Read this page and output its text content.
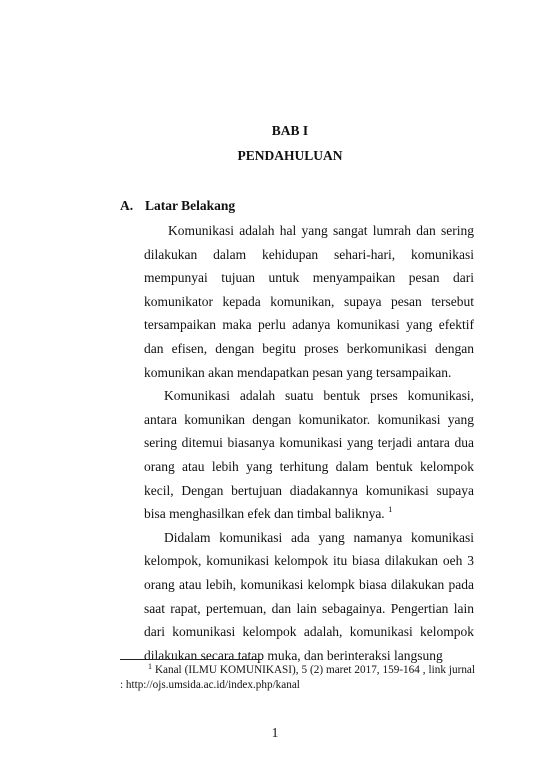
BAB I
PENDAHULUAN
A. Latar Belakang

Komunikasi adalah hal yang sangat lumrah dan sering dilakukan dalam kehidupan sehari-hari, komunikasi mempunyai tujuan untuk menyampaikan pesan dari komunikator kepada komunikan, supaya pesan tersebut tersampaikan maka perlu adanya komunikasi yang efektif dan efisen, dengan begitu proses berkomunikasi dengan komunikan akan mendapatkan pesan yang tersampaikan.

Komunikasi adalah suatu bentuk prses komunikasi, antara komunikan dengan komunikator. komunikasi yang sering ditemui biasanya komunikasi yang terjadi antara dua orang atau lebih yang terhitung dalam bentuk kelompok kecil, Dengan bertujuan diadakannya komunikasi supaya bisa menghasilkan efek dan timbal baliknya. $^1$

Didalam komunikasi ada yang namanya komunikasi kelompok, komunikasi kelompok itu biasa dilakukan oeh 3 orang atau lebih, komunikasi kelompk biasa dilakukan pada saat rapat, pertemuan, dan lain sebagainya. Pengertian lain dari komunikasi kelompok adalah, komunikasi kelompok dilakukan secara tatap muka, dan berinteraksi langsung

$^1$ Kanal (ILMU KOMUNIKASI), 5 (2) maret 2017, 159-164 , link jurnal : http://ojs.umsida.ac.id/index.php/kanal

1
